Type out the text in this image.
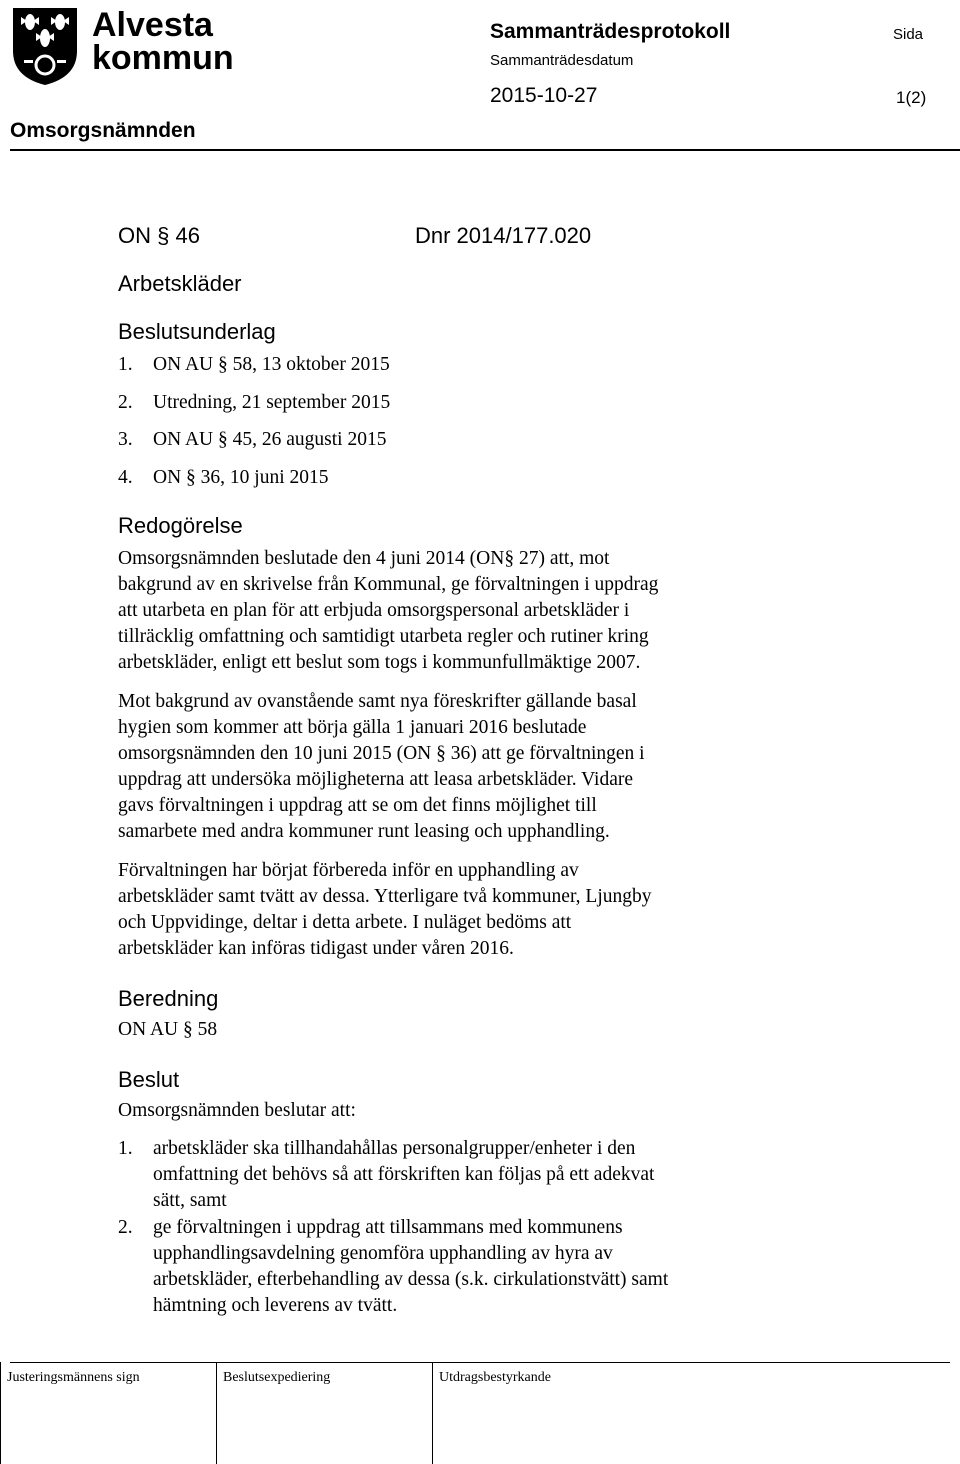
Alvesta
kommun

Sammanträdesprotokoll	Sida

Sammanträdesdatum

2015-10-27	1(2)

Omsorgsnämnden

ON § 46	Dnr 2014/177.020

Arbetskläder

Beslutsunderlag

1. ON AU § 58, 13 oktober 2015
2. Utredning, 21 september 2015
3. ON AU § 45, 26 augusti 2015
4. ON § 36, 10 juni 2015

Redogörelse

Omsorgsnämnden beslutade den 4 juni 2014 (ON§ 27) att, mot
bakgrund av en skrivelse från Kommunal, ge förvaltningen i uppdrag
att utarbeta en plan för att erbjuda omsorgspersonal arbetskläder i
tillräcklig omfattning och samtidigt utarbeta regler och rutiner kring
arbetskläder, enligt ett beslut som togs i kommunfullmäktige 2007.
Mot bakgrund av ovanstående samt nya föreskrifter gällande basal
hygien som kommer att börja gälla 1 januari 2016 beslutade
omsorgsnämnden den 10 juni 2015 (ON § 36) att ge förvaltningen i
uppdrag att undersöka möjligheterna att leasa arbetskläder. Vidare
gavs förvaltningen i uppdrag att se om det finns möjlighet till
samarbete med andra kommuner runt leasing och upphandling.
Förvaltningen har börjat förbereda inför en upphandling av
arbetskläder samt tvätt av dessa. Ytterligare två kommuner, Ljungby
och Uppvidinge, deltar i detta arbete. I nuläget bedöms att
arbetskläder kan införas tidigast under våren 2016.

Beredning

ON AU § 58

Beslut

Omsorgsnämnden beslutar att:

1. arbetskläder ska tillhandahållas personalgrupper/enheter i den
omfattning det behövs så att förskriften kan följas på ett adekvat
sätt, samt
2. ge förvaltningen i uppdrag att tillsammans med kommunens
upphandlingsavdelning genomföra upphandling av hyra av
arbetskläder, efterbehandling av dessa (s.k. cirkulationstvätt) samt
hämtning och leverens av tvätt.
Justeringsmännens sign	Beslutsexpediering	Utdragsbestyrkande
